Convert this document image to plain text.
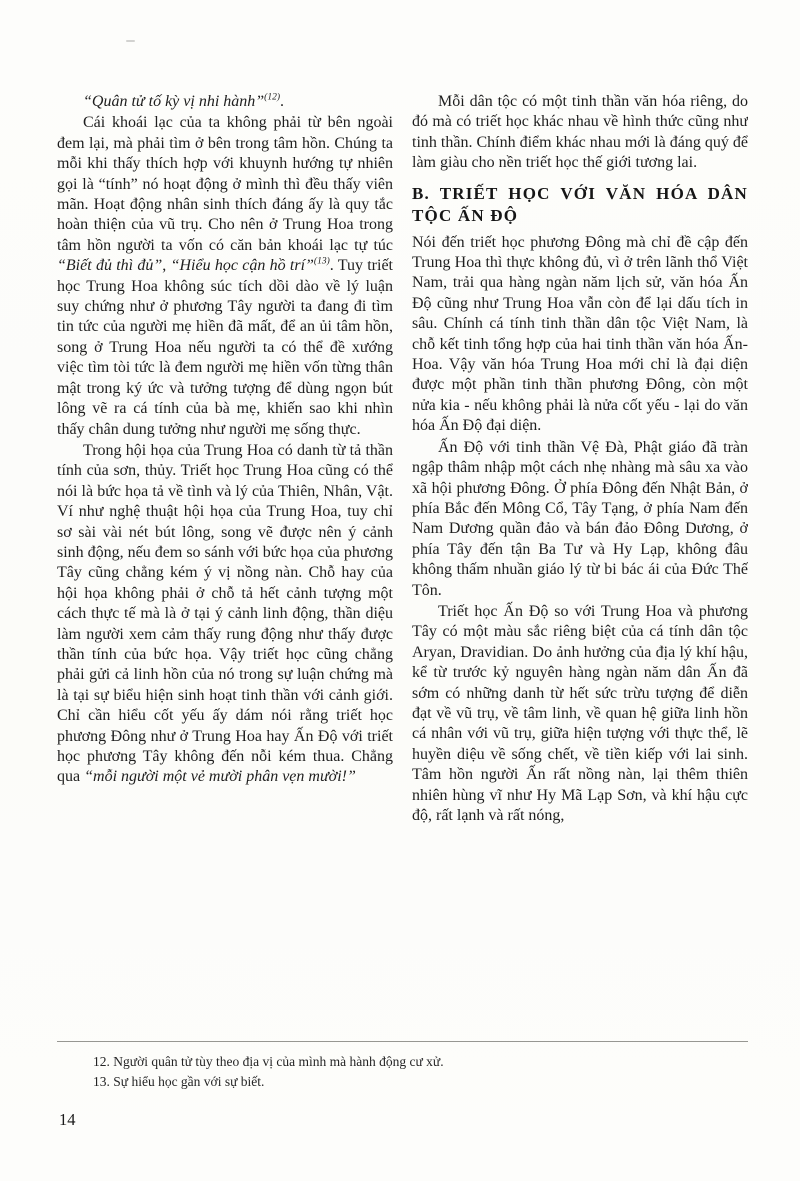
“Quân tử tố kỳ vị nhi hành”$^{(12)}$.

Cái khoái lạc của ta không phải từ bên ngoài đem lại, mà phải tìm ở bên trong tâm hồn. Chúng ta mỗi khi thấy thích hợp với khuynh hướng tự nhiên gọi là “tính” nó hoạt động ở mình thì đều thấy viên mãn. Hoạt động nhân sinh thích đáng ấy là quy tắc hoàn thiện của vũ trụ. Cho nên ở Trung Hoa trong tâm hồn người ta vốn có căn bản khoái lạc tự túc “Biết đủ thì đủ”, “Hiểu học cận hồ trí”$^{(13)}$. Tuy triết học Trung Hoa không súc tích dồi dào về lý luận suy chứng như ở phương Tây người ta đang đi tìm tin tức của người mẹ hiền đã mất, để an ủi tâm hồn, song ở Trung Hoa nếu người ta có thể đề xướng việc tìm tòi tức là đem người mẹ hiền vốn từng thân mật trong ký ức và tưởng tượng để dùng ngọn bút lông vẽ ra cá tính của bà mẹ, khiến sao khi nhìn thấy chân dung tưởng như người mẹ sống thực.

Trong hội họa của Trung Hoa có danh từ tả thần tính của sơn, thủy. Triết học Trung Hoa cũng có thể nói là bức họa tả về tình và lý của Thiên, Nhân, Vật. Ví như nghệ thuật hội họa của Trung Hoa, tuy chỉ sơ sài vài nét bút lông, song vẽ được nên ý cảnh sinh động, nếu đem so sánh với bức họa của phương Tây cũng chẳng kém ý vị nồng nàn. Chỗ hay của hội họa không phải ở chỗ tả hết cảnh tượng một cách thực tế mà là ở tại ý cảnh linh động, thần diệu làm người xem cảm thấy rung động như thấy được thần tính của bức họa. Vậy triết học cũng chẳng phải gửi cả linh hồn của nó trong sự luận chứng mà là tại sự biểu hiện sinh hoạt tinh thần với cảnh giới. Chỉ cần hiểu cốt yếu ấy dám nói rằng triết học phương Đông như ở Trung Hoa hay Ấn Độ với triết học phương Tây không đến nỗi kém thua. Chẳng qua “mỗi người một vẻ mười phân vẹn mười!”

Mỗi dân tộc có một tinh thần văn hóa riêng, do đó mà có triết học khác nhau về hình thức cũng như tinh thần. Chính điểm khác nhau mới là đáng quý để làm giàu cho nền triết học thế giới tương lai.

B. TRIẾT HỌC VỚI VĂN HÓA DÂN TỘC ẤN ĐỘ

Nói đến triết học phương Đông mà chỉ đề cập đến Trung Hoa thì thực không đủ, vì ở trên lãnh thổ Việt Nam, trải qua hàng ngàn năm lịch sử, văn hóa Ấn Độ cũng như Trung Hoa vẫn còn để lại dấu tích in sâu. Chính cá tính tinh thần dân tộc Việt Nam, là chỗ kết tinh tổng hợp của hai tinh thần văn hóa Ấn-Hoa. Vậy văn hóa Trung Hoa mới chỉ là đại diện được một phần tinh thần phương Đông, còn một nửa kia - nếu không phải là nửa cốt yếu - lại do văn hóa Ấn Độ đại diện.

Ấn Độ với tinh thần Vệ Đà, Phật giáo đã tràn ngập thâm nhập một cách nhẹ nhàng mà sâu xa vào xã hội phương Đông. Ở phía Đông đến Nhật Bản, ở phía Bắc đến Mông Cổ, Tây Tạng, ở phía Nam đến Nam Dương quần đảo và bán đảo Đông Dương, ở phía Tây đến tận Ba Tư và Hy Lạp, không đâu không thấm nhuần giáo lý từ bi bác ái của Đức Thế Tôn.

Triết học Ấn Độ so với Trung Hoa và phương Tây có một màu sắc riêng biệt của cá tính dân tộc Aryan, Dravidian. Do ảnh hưởng của địa lý khí hậu, kể từ trước kỷ nguyên hàng ngàn năm dân Ấn đã sớm có những danh từ hết sức trừu tượng để diễn đạt về vũ trụ, về tâm linh, về quan hệ giữa linh hồn cá nhân với vũ trụ, giữa hiện tượng với thực thể, lẽ huyền diệu về sống chết, về tiền kiếp với lai sinh. Tâm hồn người Ấn rất nồng nàn, lại thêm thiên nhiên hùng vĩ như Hy Mã Lạp Sơn, và khí hậu cực độ, rất lạnh và rất nóng,

12. Người quân tử tùy theo địa vị của mình mà hành động cư xử.

13. Sự hiểu học gần với sự biết.

14
